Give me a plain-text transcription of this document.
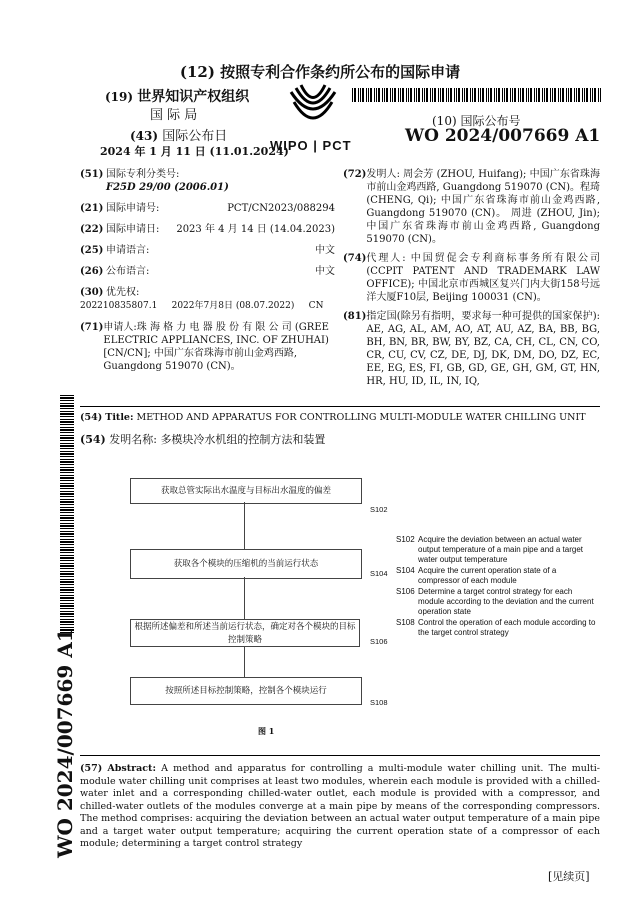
(12) 按照专利合作条约所公布的国际申请
(19) 世界知识产权组织
国 际 局
(43) 国际公布日
2024 年 1 月 11 日 (11.01.2024)
WIPO | PCT
(10) 国际公布号
WO 2024/007669 A1
(51) 国际专利分类号:
F25D 29/00 (2006.01)
(21) 国际申请号:	PCT/CN2023/088294
(22) 国际申请日: 2023 年 4 月 14 日 (14.04.2023)
(25) 申请语言:	中文
(26) 公布语言:	中文
(30) 优先权:
202210835807.1     2022年7月8日 (08.07.2022)     CN
(71) 申请人:珠 海 格 力 电 器 股 份 有 限 公 司 (GREE ELECTRIC APPLIANCES, INC. OF ZHUHAI) [CN/CN]; 中国广东省珠海市前山金鸡西路, Guangdong 519070 (CN)。
(72) 发明人: 周会芳 (ZHOU, Huifang); 中国广东省珠海市前山金鸡西路, Guangdong 519070 (CN)。程琦 (CHENG, Qi); 中国广东省珠海市前山金鸡西路, Guangdong 519070 (CN)。 周进 (ZHOU, Jin); 中国广东省珠海市前山金鸡西路, Guangdong 519070 (CN)。
(74) 代理人: 中国贸促会专利商标事务所有限公司 (CCPIT PATENT AND TRADEMARK LAW OFFICE); 中国北京市西城区复兴门内大街158号远洋大厦F10层, Beijing 100031 (CN)。
(81) 指定国(除另有指明，要求每一种可提供的国家保护): AE, AG, AL, AM, AO, AT, AU, AZ, BA, BB, BG, BH, BN, BR, BW, BY, BZ, CA, CH, CL, CN, CO, CR, CU, CV, CZ, DE, DJ, DK, DM, DO, DZ, EC, EE, EG, ES, FI, GB, GD, GE, GH, GM, GT, HN, HR, HU, ID, IL, IN, IQ,
(54) Title: METHOD AND APPARATUS FOR CONTROLLING MULTI-MODULE WATER CHILLING UNIT
(54) 发明名称: 多模块冷水机组的控制方法和装置
获取总管实际出水温度与目标出水温度的偏差
S102
获取各个模块的压缩机的当前运行状态
S104
根据所述偏差和所述当前运行状态，确定对各个模块的目标控制策略	S106
按照所述目标控制策略，控制各个模块运行
S108
图 1
S102 Acquire the deviation between an actual water output temperature of a main pipe and a target water output temperature
S104 Acquire the current operation state of a compressor of each module
S106 Determine a target control strategy for each module according to the deviation and the current operation state
S108 Control the operation of each module according to the target control strategy
(57) Abstract: A method and apparatus for controlling a multi-module water chilling unit. The multi-module water chilling unit comprises at least two modules, wherein each module is provided with a chilled-water inlet and a corresponding chilled-water outlet, each module is provided with a compressor, and chilled-water outlets of the modules converge at a main pipe by means of the corresponding compressors. The method comprises: acquiring the deviation between an actual water output temperature of a main pipe and a target water output temperature; acquiring the current operation state of a compressor of each module; determining a target control strategy
WO 2024/007669 A1
[见续页]
